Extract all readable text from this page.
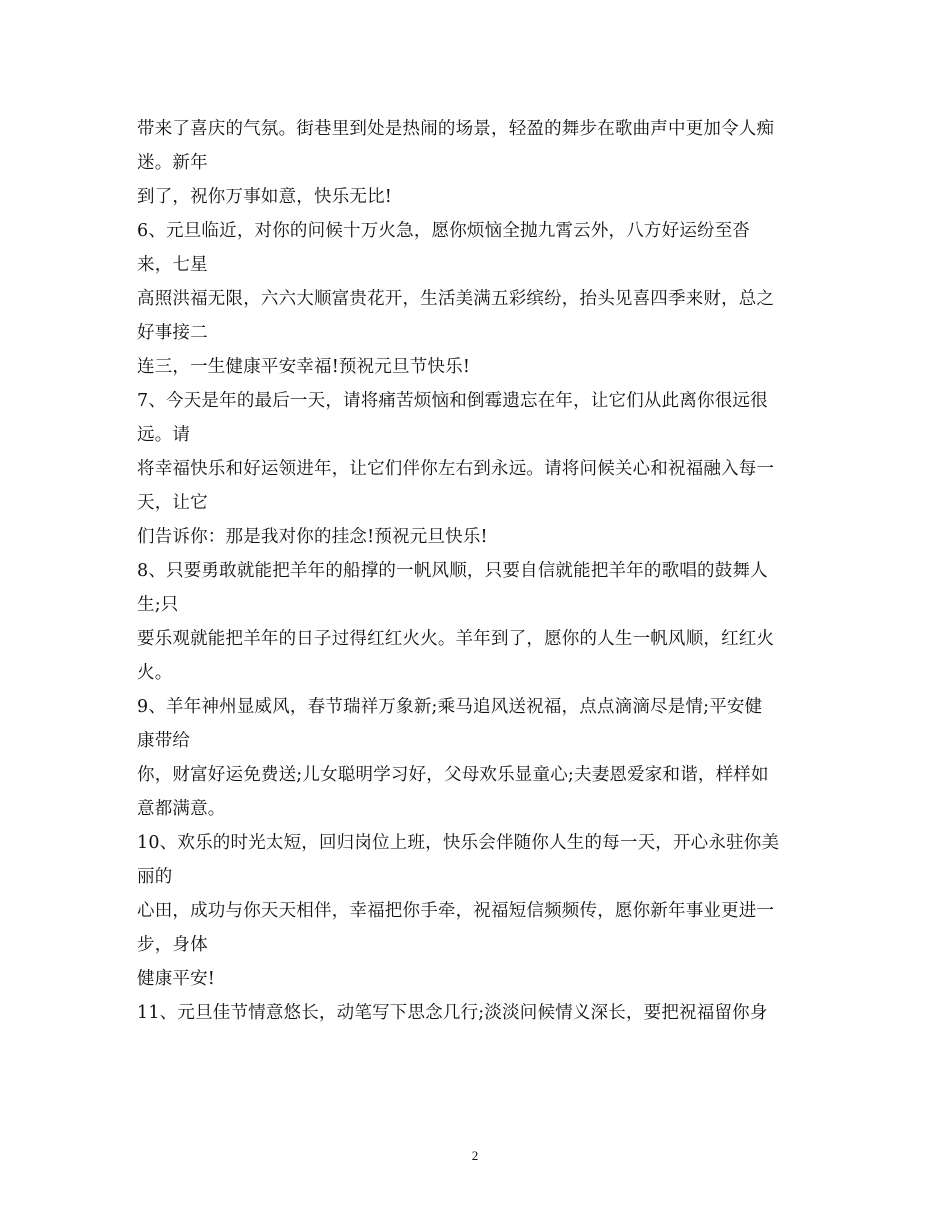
带来了喜庆的气氛。街巷里到处是热闹的场景，轻盈的舞步在歌曲声中更加令人痴
迷。新年
到了，祝你万事如意，快乐无比!
6、元旦临近，对你的问候十万火急，愿你烦恼全抛九霄云外，八方好运纷至沓
来，七星
高照洪福无限，六六大顺富贵花开，生活美满五彩缤纷，抬头见喜四季来财，总之
好事接二
连三，一生健康平安幸福!预祝元旦节快乐!
7、今天是年的最后一天，请将痛苦烦恼和倒霉遗忘在年，让它们从此离你很远很
远。请
将幸福快乐和好运领进年，让它们伴你左右到永远。请将问候关心和祝福融入每一
天，让它
们告诉你：那是我对你的挂念!预祝元旦快乐!
8、只要勇敢就能把羊年的船撑的一帆风顺，只要自信就能把羊年的歌唱的鼓舞人
生;只
要乐观就能把羊年的日子过得红红火火。羊年到了，愿你的人生一帆风顺，红红火
火。
9、羊年神州显威风，春节瑞祥万象新;乘马追风送祝福，点点滴滴尽是情;平安健
康带给
你，财富好运免费送;儿女聪明学习好，父母欢乐显童心;夫妻恩爱家和谐，样样如
意都满意。
10、欢乐的时光太短，回归岗位上班，快乐会伴随你人生的每一天，开心永驻你美
丽的
心田，成功与你天天相伴，幸福把你手牵，祝福短信频频传，愿你新年事业更进一
步，身体
健康平安!
11、元旦佳节情意悠长，动笔写下思念几行;淡淡问候情义深长，要把祝福留你身
2
